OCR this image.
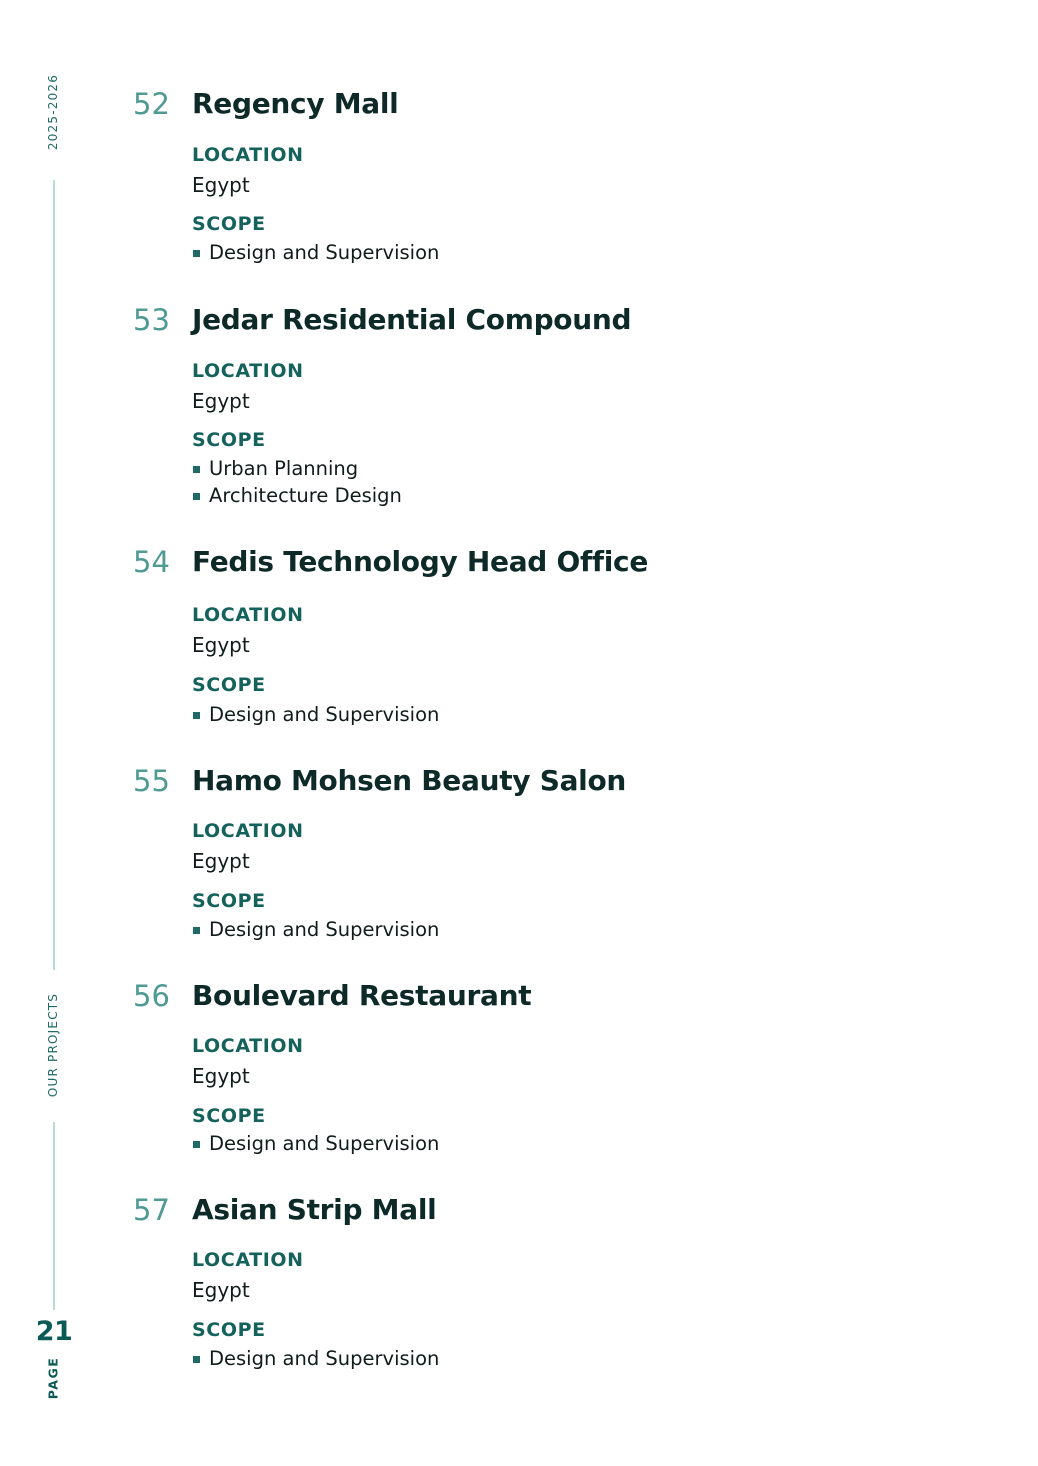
2025-2026
OUR PROJECTS
21
PAGE
52 Regency Mall
LOCATION
Egypt
SCOPE
Design and Supervision
53 Jedar Residential Compound
LOCATION
Egypt
SCOPE
Urban Planning
Architecture Design
54 Fedis Technology Head Office
LOCATION
Egypt
SCOPE
Design and Supervision
55 Hamo Mohsen Beauty Salon
LOCATION
Egypt
SCOPE
Design and Supervision
56 Boulevard Restaurant
LOCATION
Egypt
SCOPE
Design and Supervision
57 Asian Strip Mall
LOCATION
Egypt
SCOPE
Design and Supervision
